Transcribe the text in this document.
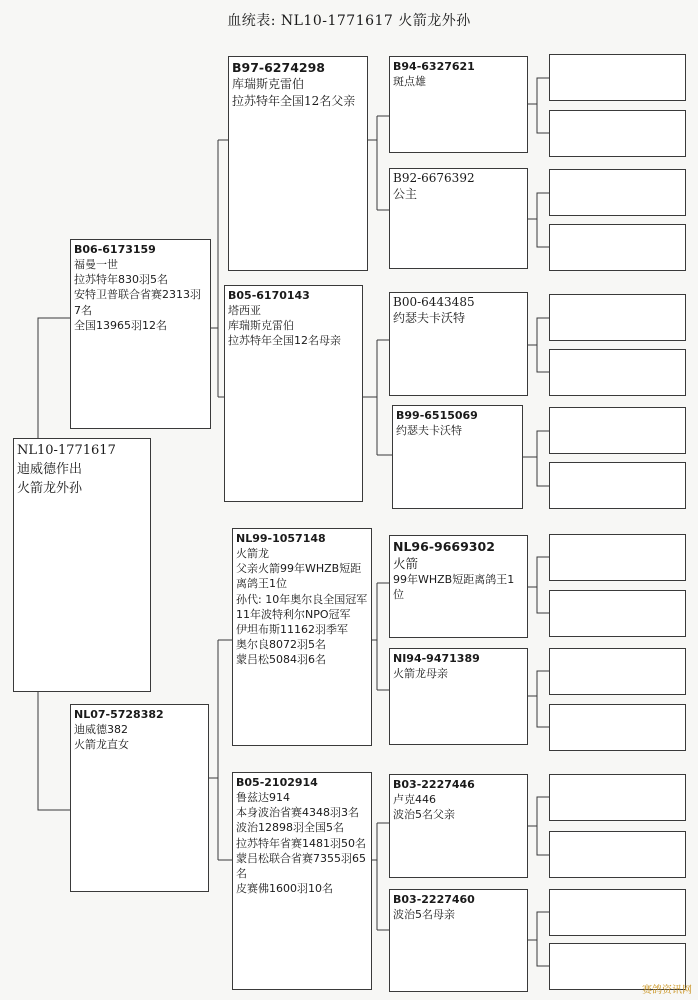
血统表: NL10-1771617 火箭龙外孙
NL10-1771617
迪威德作出
火箭龙外孙
B06-6173159
福曼一世
拉苏特年830羽5名
安特卫普联合省赛2313羽7名
全国13965羽12名
NL07-5728382
迪威德382
火箭龙直女
B97-6274298
库瑞斯克雷伯
拉苏特年全国12名父亲
B05-6170143
塔西亚
库瑞斯克雷伯
拉苏特年全国12名母亲
NL99-1057148
火箭龙
父亲火箭99年WHZB短距离鸽王1位
孙代: 10年奥尔良全国冠军
11年波特利尔NPO冠军
伊坦布斯11162羽季军
奥尔良8072羽5名
蒙吕松5084羽6名
B05-2102914
鲁兹达914
本身波治省赛4348羽3名
波治12898羽全国5名
拉苏特年省赛1481羽50名
蒙吕松联合省赛7355羽65名
皮赛佛1600羽10名
B94-6327621
斑点雄
B92-6676392
公主
B00-6443485
约瑟夫卡沃特
B99-6515069
约瑟夫卡沃特
NL96-9669302
火箭
99年WHZB短距离鸽王1位
NI94-9471389
火箭龙母亲
B03-2227446
卢克446
波治5名父亲
B03-2227460
波治5名母亲
赛鸽资讯网
